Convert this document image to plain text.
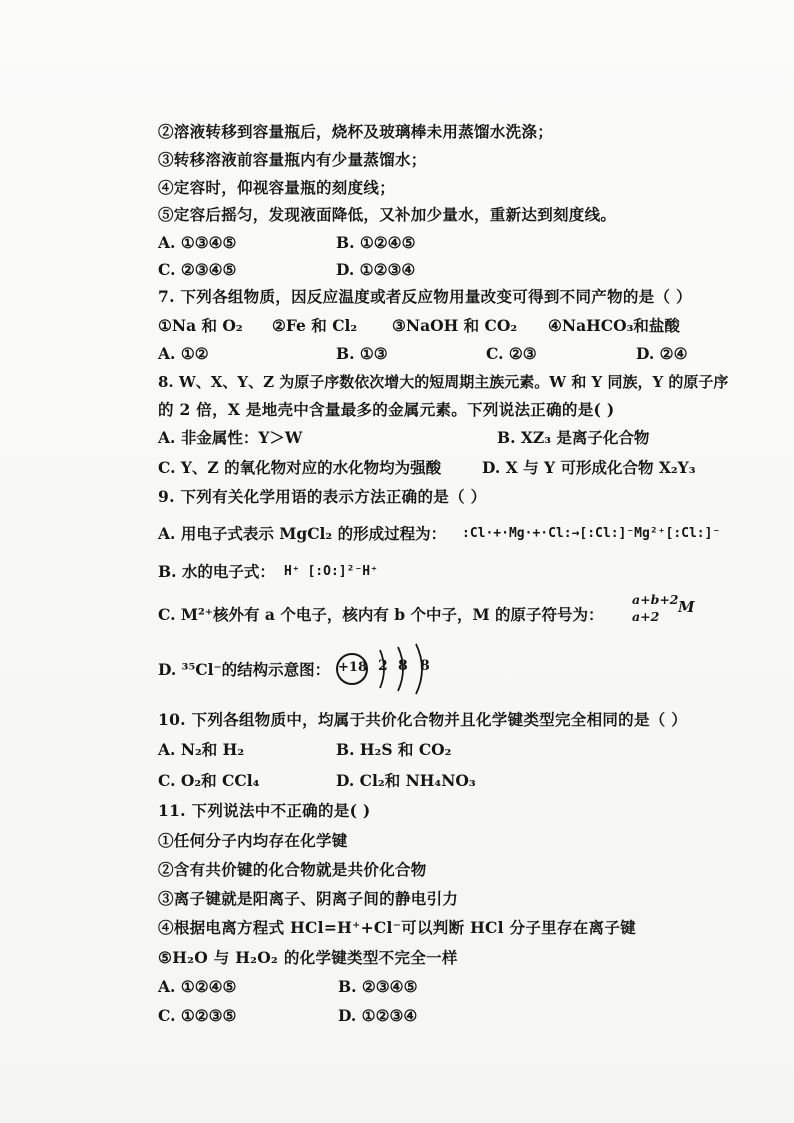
②溶液转移到容量瓶后，烧杯及玻璃棒未用蒸馏水洗涤；
③转移溶液前容量瓶内有少量蒸馏水；
④定容时，仰视容量瓶的刻度线；
⑤定容后摇匀，发现液面降低，又补加少量水，重新达到刻度线。
A. ①③④⑤	B. ①②④⑤
C. ②③④⑤	D. ①②③④
7. 下列各组物质，因反应温度或者反应物用量改变可得到不同产物的是（ ）
①Na 和 O₂ ②Fe 和 Cl₂ ③NaOH 和 CO₂ ④NaHCO₃和盐酸
A. ①②	B. ①③	C. ②③	D. ②④
8. W、X、Y、Z 为原子序数依次增大的短周期主族元素。W 和 Y 同族，Y 的原子序
的 2 倍，X 是地壳中含量最多的金属元素。下列说法正确的是( )
A. 非金属性：Y＞W	B. XZ₃ 是离子化合物
C. Y、Z 的氧化物对应的水化物均为强酸	D. X 与 Y 可形成化合物 X₂Y₃
9. 下列有关化学用语的表示方法正确的是（ ）
A. 用电子式表示 MgCl₂ 的形成过程为： :Cl·+·Mg·+·Cl:→[:Cl:]⁻Mg²⁺[:Cl:]⁻
B. 水的电子式： H⁺ [:O:]²⁻H⁺
C. M²⁺核外有 a 个电子，核内有 b 个中子，M 的原子符号为：
a+b+2
a+2
M
D. ³⁵Cl⁻的结构示意图： +18 2 8 8
10. 下列各组物质中，均属于共价化合物并且化学键类型完全相同的是（ ）
A. N₂和 H₂	B. H₂S 和 CO₂
C. O₂和 CCl₄	D. Cl₂和 NH₄NO₃
11. 下列说法中不正确的是( )
①任何分子内均存在化学键
②含有共价键的化合物就是共价化合物
③离子键就是阳离子、阴离子间的静电引力
④根据电离方程式 HCl=H⁺+Cl⁻可以判断 HCl 分子里存在离子键
⑤H₂O 与 H₂O₂ 的化学键类型不完全一样
A. ①②④⑤	B. ②③④⑤
C. ①②③⑤	D. ①②③④
